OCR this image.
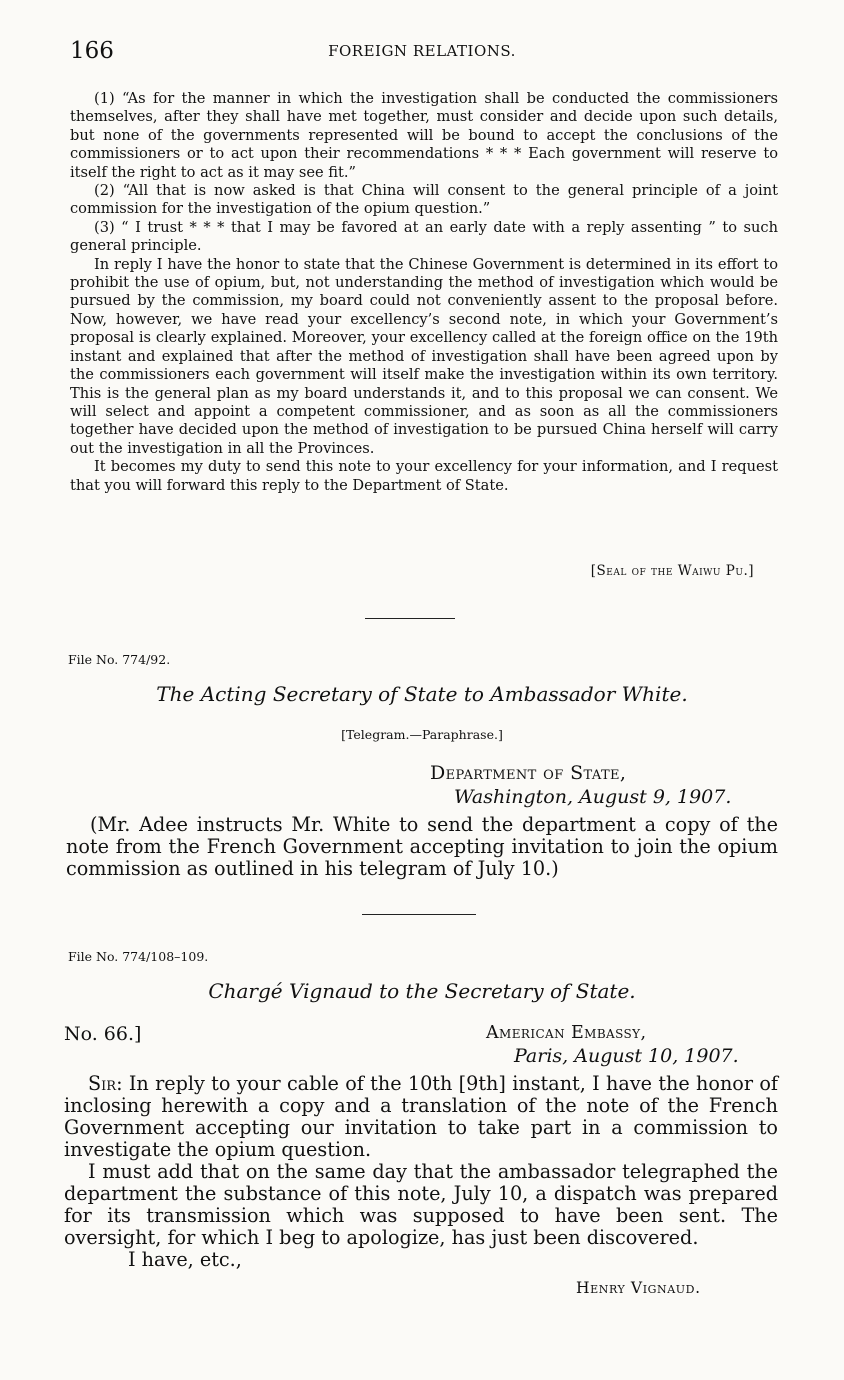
166	FOREIGN RELATIONS.

(1) “As for the manner in which the investigation shall be conducted the commissioners themselves, after they shall have met together, must consider and decide upon such details, but none of the governments represented will be bound to accept the conclusions of the commissioners or to act upon their recommendations * * * Each government will reserve to itself the right to act as it may see fit.”

(2) “All that is now asked is that China will consent to the general principle of a joint commission for the investigation of the opium question.”

(3) “ I trust * * * that I may be favored at an early date with a reply assenting ” to such general principle.

In reply I have the honor to state that the Chinese Government is determined in its effort to prohibit the use of opium, but, not understanding the method of investigation which would be pursued by the commission, my board could not conveniently assent to the proposal before. Now, however, we have read your excellency’s second note, in which your Government’s proposal is clearly explained. Moreover, your excellency called at the foreign office on the 19th instant and explained that after the method of investigation shall have been agreed upon by the commissioners each government will itself make the investigation within its own territory. This is the general plan as my board understands it, and to this proposal we can consent. We will select and appoint a competent commissioner, and as soon as all the commissioners together have decided upon the method of investigation to be pursued China herself will carry out the investigation in all the Provinces.

It becomes my duty to send this note to your excellency for your information, and I request that you will forward this reply to the Department of State.

[Seal of the Waiwu Pu.]
File No. 774/92.
The Acting Secretary of State to Ambassador White.
[Telegram.—Paraphrase.]
Department of State,
Washington, August 9, 1907.

(Mr. Adee instructs Mr. White to send the department a copy of the note from the French Government accepting invitation to join the opium commission as outlined in his telegram of July 10.)

File No. 774/108–109.
Chargé Vignaud to the Secretary of State.
No. 66.]	American Embassy,
Paris, August 10, 1907.

Sir: In reply to your cable of the 10th [9th] instant, I have the honor of inclosing herewith a copy and a translation of the note of the French Government accepting our invitation to take part in a commission to investigate the opium question.

I must add that on the same day that the ambassador telegraphed the department the substance of this note, July 10, a dispatch was prepared for its transmission which was supposed to have been sent. The oversight, for which I beg to apologize, has just been discovered.

I have, etc.,

Henry Vignaud.
